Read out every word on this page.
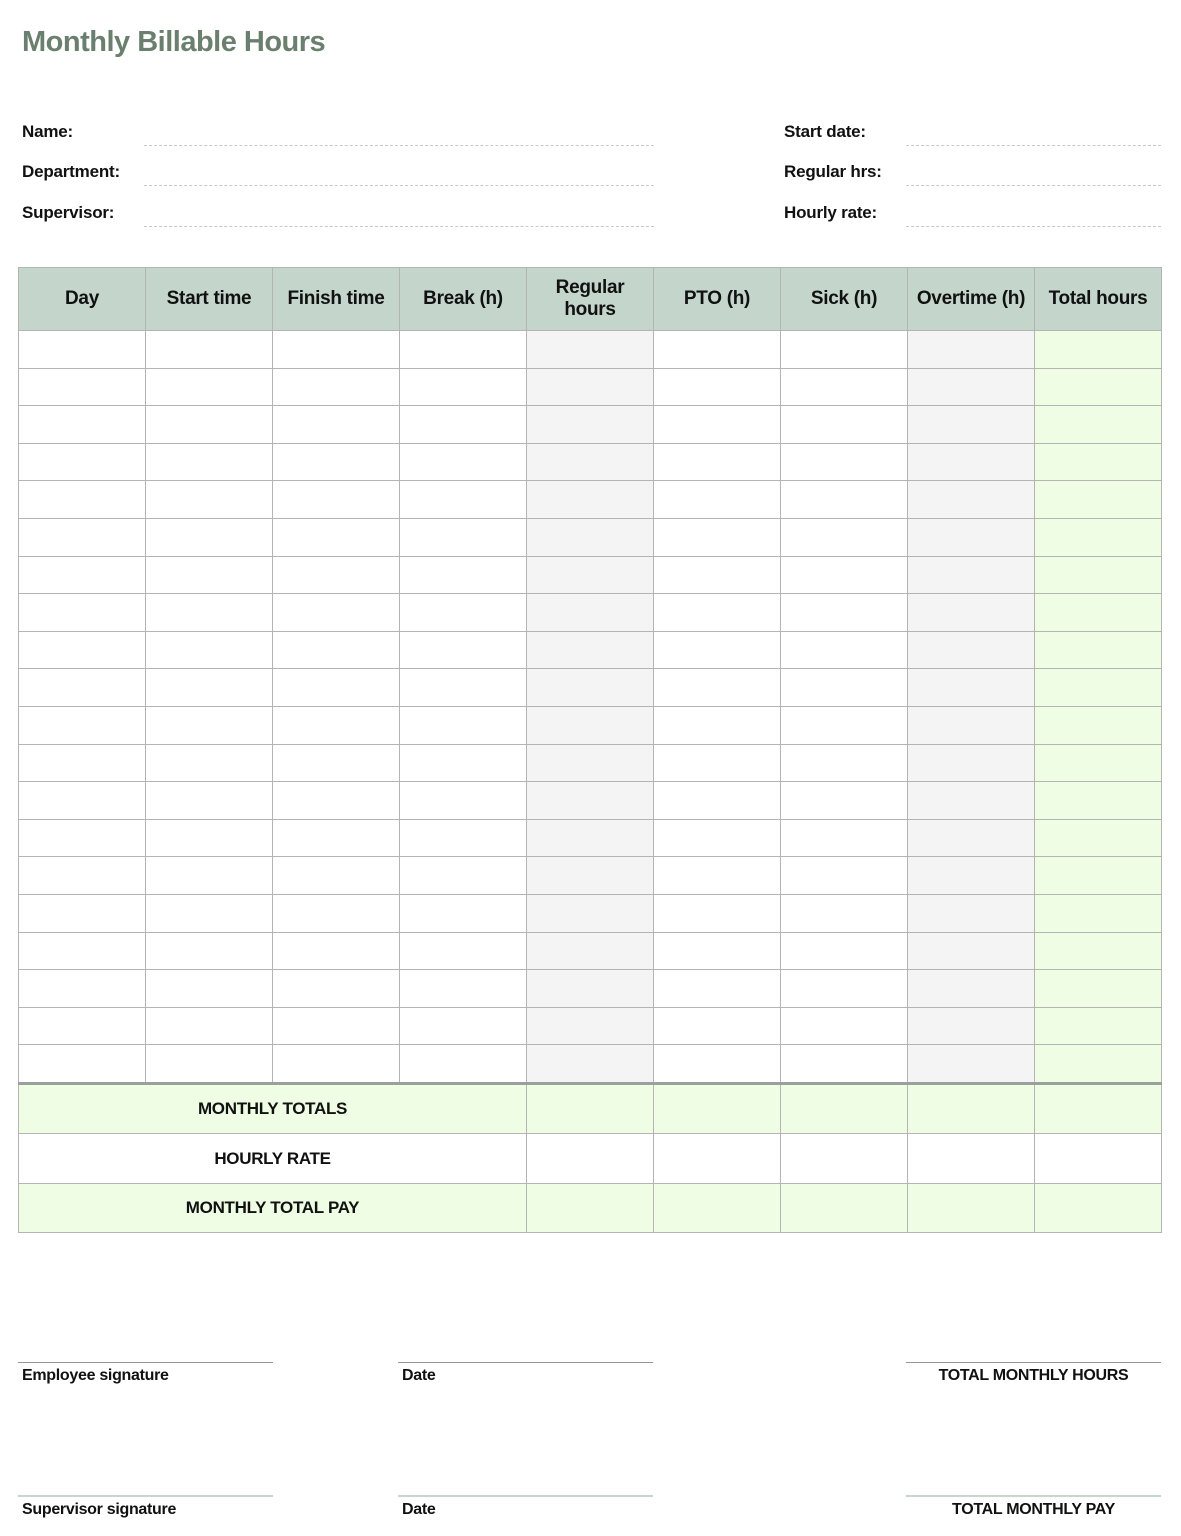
Monthly Billable Hours
Name:
Department:
Supervisor:
Start date:
Regular hrs:
Hourly rate:
Day	Start time	Finish time	Break (h)	Regular hours	PTO (h)	Sick (h)	Overtime (h)	Total hours

MONTHLY TOTALS								
HOURLY RATE								
MONTHLY TOTAL PAY								
Employee signature	Date	TOTAL MONTHLY HOURS
Supervisor signature	Date	TOTAL MONTHLY PAY
